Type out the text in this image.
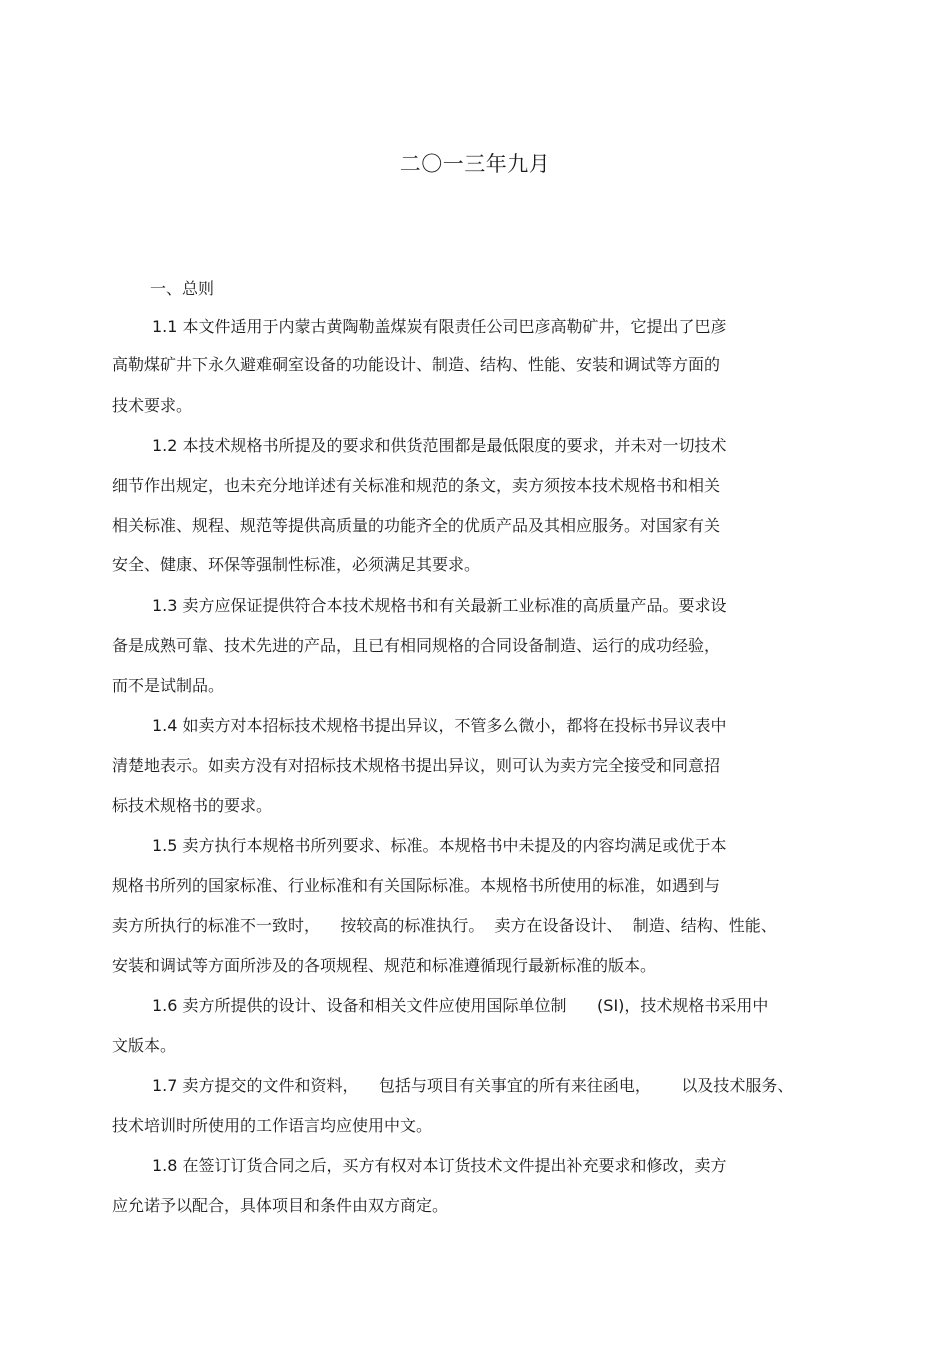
二〇一三年九月
一、总则
1.1 本文件适用于内蒙古黄陶勒盖煤炭有限责任公司巴彦高勒矿井，它提出了巴彦
高勒煤矿井下永久避难硐室设备的功能设计、制造、结构、性能、安装和调试等方面的
技术要求。
1.2 本技术规格书所提及的要求和供货范围都是最低限度的要求，并未对一切技术
细节作出规定，也未充分地详述有关标准和规范的条文，卖方须按本技术规格书和相关
相关标准、规程、规范等提供高质量的功能齐全的优质产品及其相应服务。对国家有关
安全、健康、环保等强制性标准，必须满足其要求。
1.3 卖方应保证提供符合本技术规格书和有关最新工业标准的高质量产品。要求设
备是成熟可靠、技术先进的产品，且已有相同规格的合同设备制造、运行的成功经验，
而不是试制品。
1.4 如卖方对本招标技术规格书提出异议，不管多么微小，都将在投标书异议表中
清楚地表示。如卖方没有对招标技术规格书提出异议，则可认为卖方完全接受和同意招
标技术规格书的要求。
1.5 卖方执行本规格书所列要求、标准。本规格书中未提及的内容均满足或优于本
规格书所列的国家标准、行业标准和有关国际标准。本规格书所使用的标准，如遇到与
卖方所执行的标准不一致时，    按较高的标准执行。  卖方在设备设计、  制造、结构、性能、
安装和调试等方面所涉及的各项规程、规范和标准遵循现行最新标准的版本。
1.6 卖方所提供的设计、设备和相关文件应使用国际单位制      (SI)，技术规格书采用中
文版本。
1.7 卖方提交的文件和资料，    包括与项目有关事宜的所有来往函电，      以及技术服务、
技术培训时所使用的工作语言均应使用中文。
1.8 在签订订货合同之后，买方有权对本订货技术文件提出补充要求和修改，卖方
应允诺予以配合，具体项目和条件由双方商定。
